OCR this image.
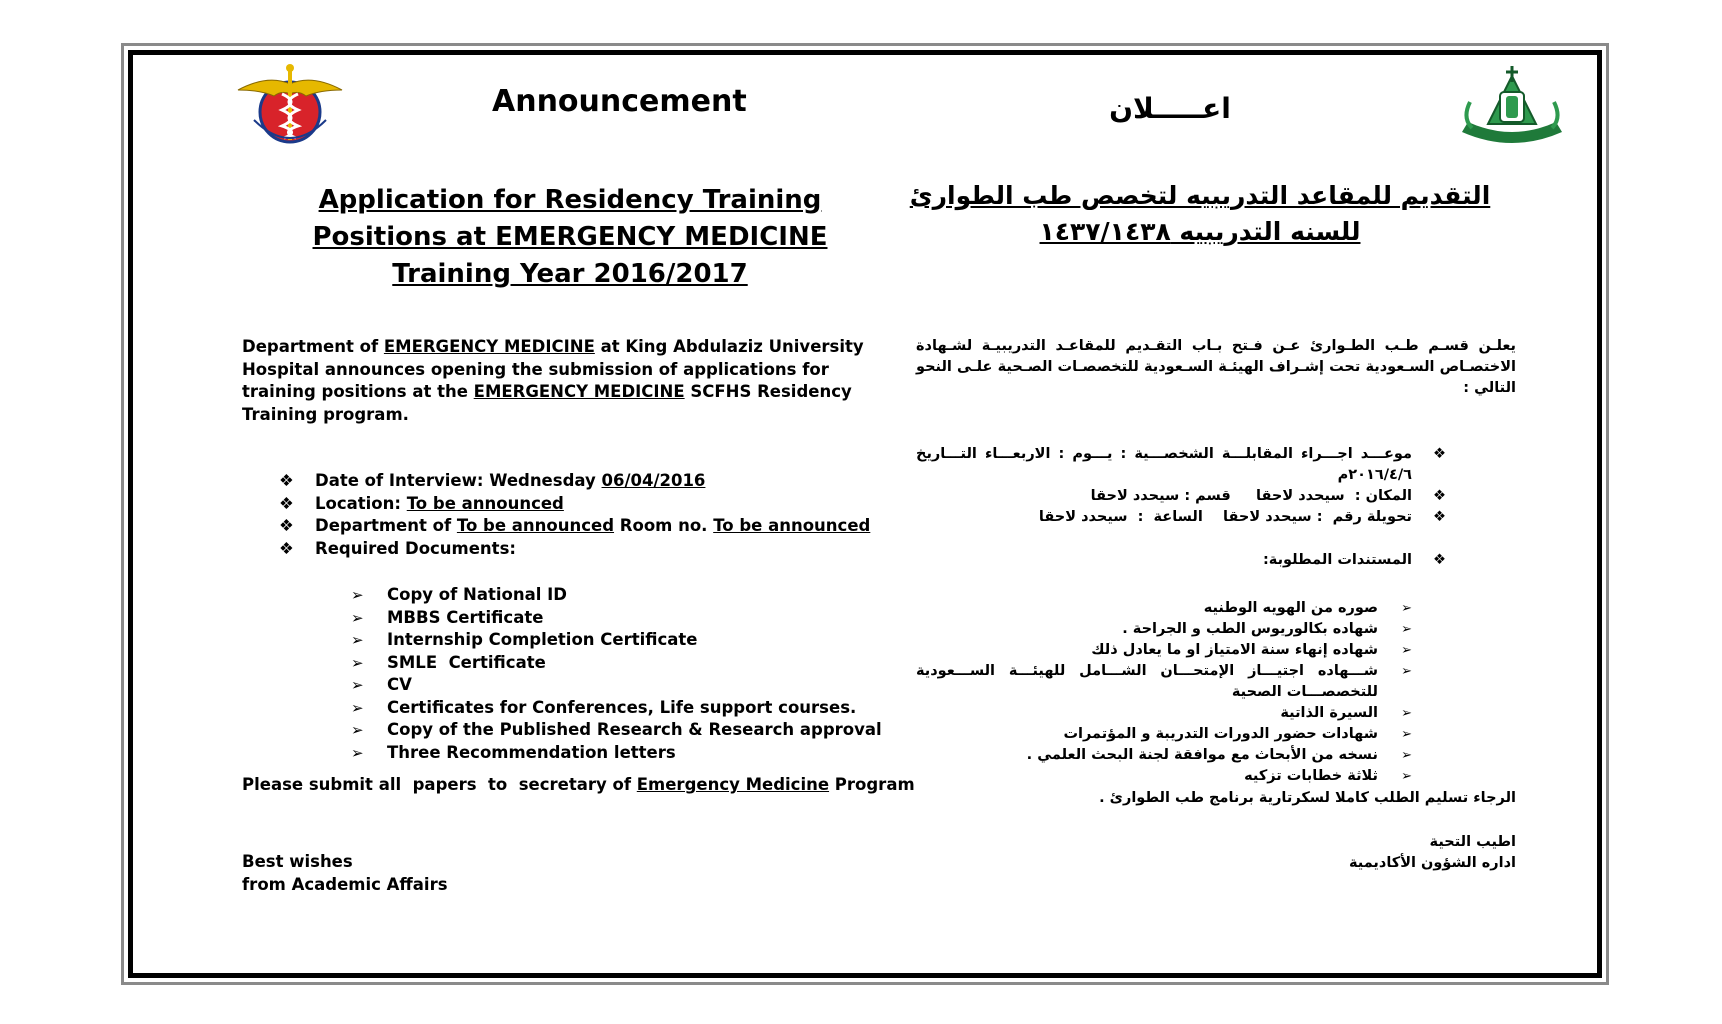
Announcement	اعـــــلان
Application for Residency Training
Positions at EMERGENCY MEDICINE
Training Year 2016/2017
التقديم للمقاعد التدريبيه لتخصص طب الطوارئ
للسنه التدريبيه ١٤٣٧/١٤٣٨
Department of EMERGENCY MEDICINE at King Abdulaziz University Hospital announces opening the submission of applications for training positions at the EMERGENCY MEDICINE SCFHS Residency Training program.
يعلـن قسـم طـب الطـوارئ عـن فـتح بـاب التقـديم للمقاعـد التدريبيـة لشـهادة الاختصـاص السـعودية تحت إشـراف الهيئـة السـعودية للتخصصـات الصـحية علـى النحو التالي :
❖ Date of Interview: Wednesday 06/04/2016
❖ Location: To be announced
❖ Department of To be announced Room no. To be announced
❖ Required Documents:
➢ Copy of National ID
➢ MBBS Certificate
➢ Internship Completion Certificate
➢ SMLE  Certificate
➢ CV
➢ Certificates for Conferences, Life support courses.
➢ Copy of the Published Research & Research approval
➢ Three Recommendation letters
Please submit all  papers  to  secretary of Emergency Medicine Program
Best wishes
from Academic Affairs
❖
موعـــد اجـــراء المقابلـــة الشخصـــية : يـــوم : الاربعـــاء التـــاريخ ٢٠١٦/٤/٦م
❖
المكان :  سيحدد لاحقا     قسم : سيحدد لاحقا
❖
تحويلة رقم  : سيحدد لاحقا    الساعة  :  سيحدد لاحقا
❖
المستندات المطلوبة:
➢
صوره من الهويه الوطنيه
➢
شهاده بكالوريوس الطب و الجراحة .
➢
شهاده إنهاء سنة الامتياز او ما يعادل ذلك
➢
شـــهاده اجتيـــاز الإمتحـــان الشـــامل للهيئـــة الســـعودية للتخصصـــات الصحية
➢
السيرة الذاتية
➢
شهادات حضور الدورات التدريبة و المؤتمرات
➢
نسخه من الأبحاث مع موافقة لجنة البحث العلمي .
➢
ثلاثة خطابات تزكيه
الرجاء تسليم الطلب كاملا لسكرتارية برنامج طب الطوارئ .
اطيب التحية
اداره الشؤون الأكاديمية
